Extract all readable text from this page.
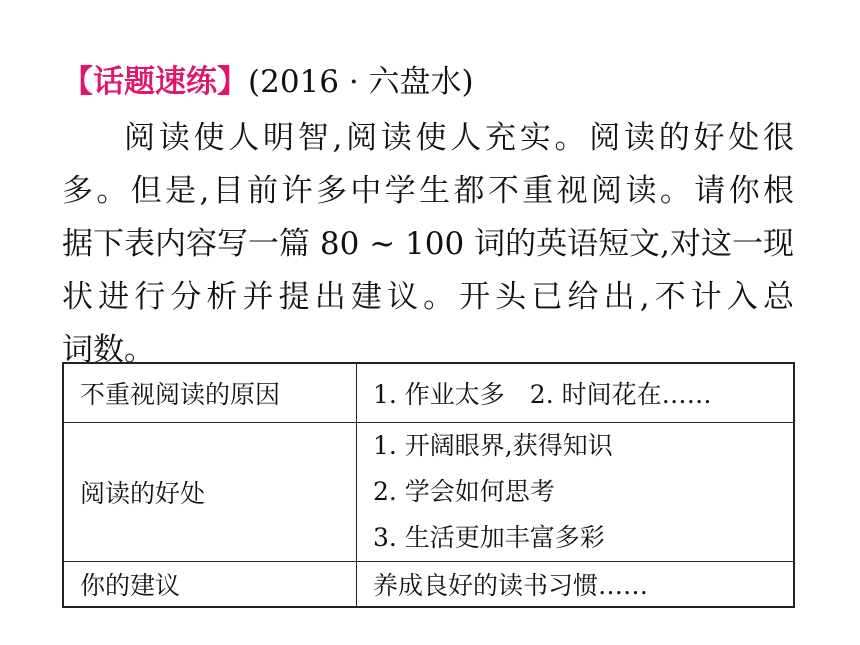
【话题速练】(2016 · 六盘水)
阅读使人明智,阅读使人充实。阅读的好处很
多。但是,目前许多中学生都不重视阅读。请你根
据下表内容写一篇 80 ~ 100 词的英语短文,对这一现
状进行分析并提出建议。开头已给出,不计入总
词数。
不重视阅读的原因	1. 作业太多　2. 时间花在……
阅读的好处	1. 开阔眼界,获得知识
2. 学会如何思考
3. 生活更加丰富多彩

你的建议	养成良好的读书习惯……
